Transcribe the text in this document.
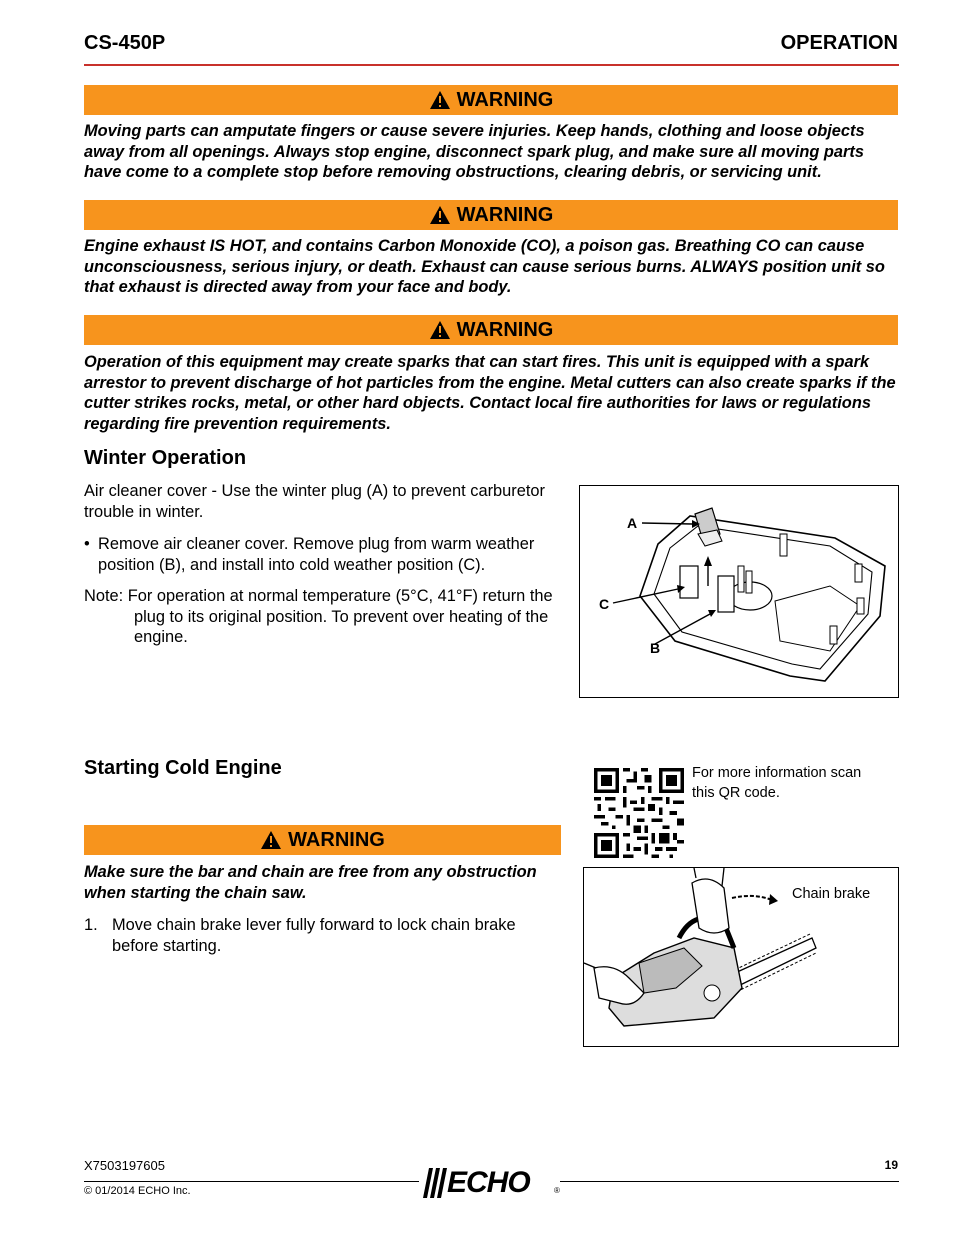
CS-450P	OPERATION
WARNING
Moving parts can amputate fingers or cause severe injuries. Keep hands, clothing and loose objects away from all openings. Always stop engine, disconnect spark plug, and make sure all moving parts have come to a complete stop before removing obstructions, clearing debris, or servicing unit.
WARNING
Engine exhaust IS HOT, and contains Carbon Monoxide (CO), a poison gas. Breathing CO can cause unconsciousness, serious injury, or death. Exhaust can cause serious burns. ALWAYS position unit so that exhaust is directed away from your face and body.
WARNING
Operation of this equipment may create sparks that can start fires. This unit is equipped with a spark arrestor to prevent discharge of hot particles from the engine. Metal cutters can also create sparks if the cutter strikes rocks, metal, or other hard objects. Contact local fire authorities for laws or regulations regarding fire prevention requirements.
Winter Operation
Air cleaner cover - Use the winter plug (A) to prevent carburetor trouble in winter.
• Remove air cleaner cover. Remove plug from warm weather position (B), and install into cold weather position (C).
Note: For operation at normal temperature (5°C, 41°F) return the
plug to its original position. To prevent over heating of the engine.
A
C
B
Starting Cold Engine
WARNING
Make sure the bar and chain are free from any obstruction when starting the chain saw.
1. Move chain brake lever fully forward to lock chain brake before starting.
For more information scan this QR code.
Chain brake
X7503197605	19
© 01/2014 ECHO Inc.	ECHO	®
